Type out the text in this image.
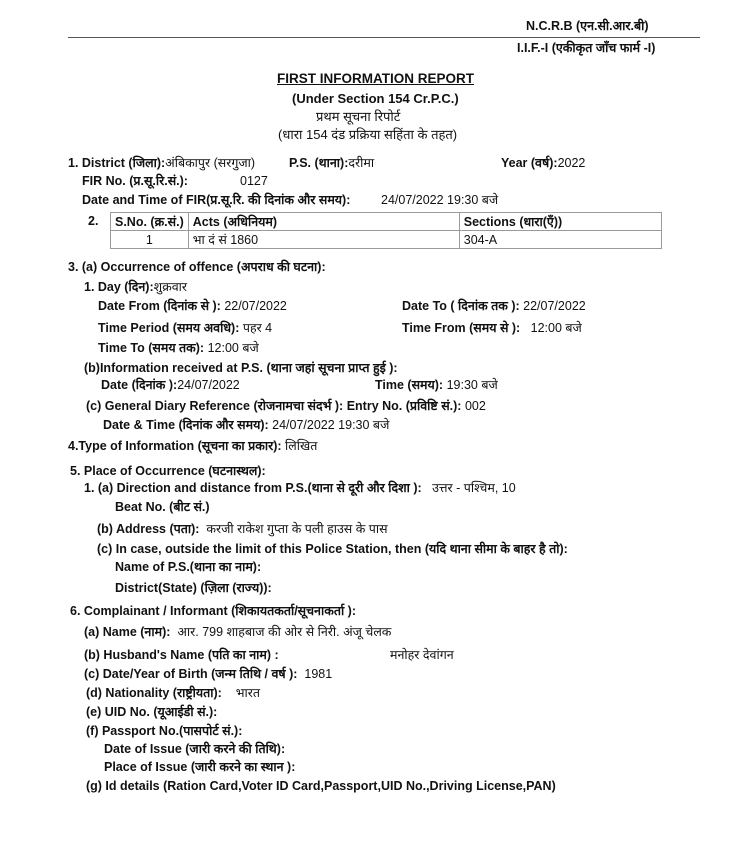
N.C.R.B (एन.सी.आर.बी)
I.I.F.-I (एकीकृत जाँच फार्म -I)
FIRST INFORMATION REPORT
(Under Section 154 Cr.P.C.)
प्रथम सूचना रिपोर्ट
(धारा 154 दंड प्रक्रिया सहिंता के तहत)
1. District (जिला):अंबिकापुर (सरगुजा)	P.S. (थाना):दरीमा	Year (वर्ष):2022
FIR No. (प्र.सू.रि.सं.):	0127
Date and Time of FIR(प्र.सू.रि. की दिनांक और समय): 24/07/2022 19:30 बजे
2. S.No. (क्र.सं.)	Acts (अधिनियम)	Sections (धारा(एँ))
1	भा दं सं 1860	304-A
3. (a) Occurrence of offence (अपराध की घटना):
1. Day (दिन):शुक्रवार
Date From (दिनांक से ): 22/07/2022	Date To ( दिनांक तक ): 22/07/2022
Time Period (समय अवधि): पहर 4	Time From (समय से ): 12:00 बजे
Time To (समय तक): 12:00 बजे
(b)Information received at P.S. (थाना जहां सूचना प्राप्त हुई ):
Date (दिनांक ):24/07/2022	Time (समय): 19:30 बजे
(c) General Diary Reference (रोजनामचा संदर्भ ): Entry No. (प्रविष्टि सं.): 002
Date & Time (दिनांक और समय): 24/07/2022 19:30 बजे
4.Type of Information (सूचना का प्रकार): लिखित
5. Place of Occurrence (घटनास्थल):
1. (a) Direction and distance from P.S.(थाना से दूरी और दिशा ): उत्तर - पश्चिम, 10
Beat No. (बीट सं.)
(b) Address (पता): करजी राकेश गुप्ता के पली हाउस के पास
(c) In case, outside the limit of this Police Station, then (यदि थाना सीमा के बाहर है तो):
Name of P.S.(थाना का नाम):
District(State) (ज़िला (राज्य)):
6. Complainant / Informant (शिकायतकर्ता/सूचनाकर्ता ):
(a) Name (नाम): आर. 799 शाहबाज की ओर से निरी. अंजू चेलक
(b) Husband's Name (पति का नाम) :	मनोहर देवांगन
(c) Date/Year of Birth (जन्म तिथि / वर्ष ): 1981
(d) Nationality (राष्ट्रीयता): भारत
(e) UID No. (यूआईडी सं.):
(f) Passport No.(पासपोर्ट सं.):
Date of Issue (जारी करने की तिथि):
Place of Issue (जारी करने का स्थान ):
(g) Id details (Ration Card,Voter ID Card,Passport,UID No.,Driving License,PAN)
